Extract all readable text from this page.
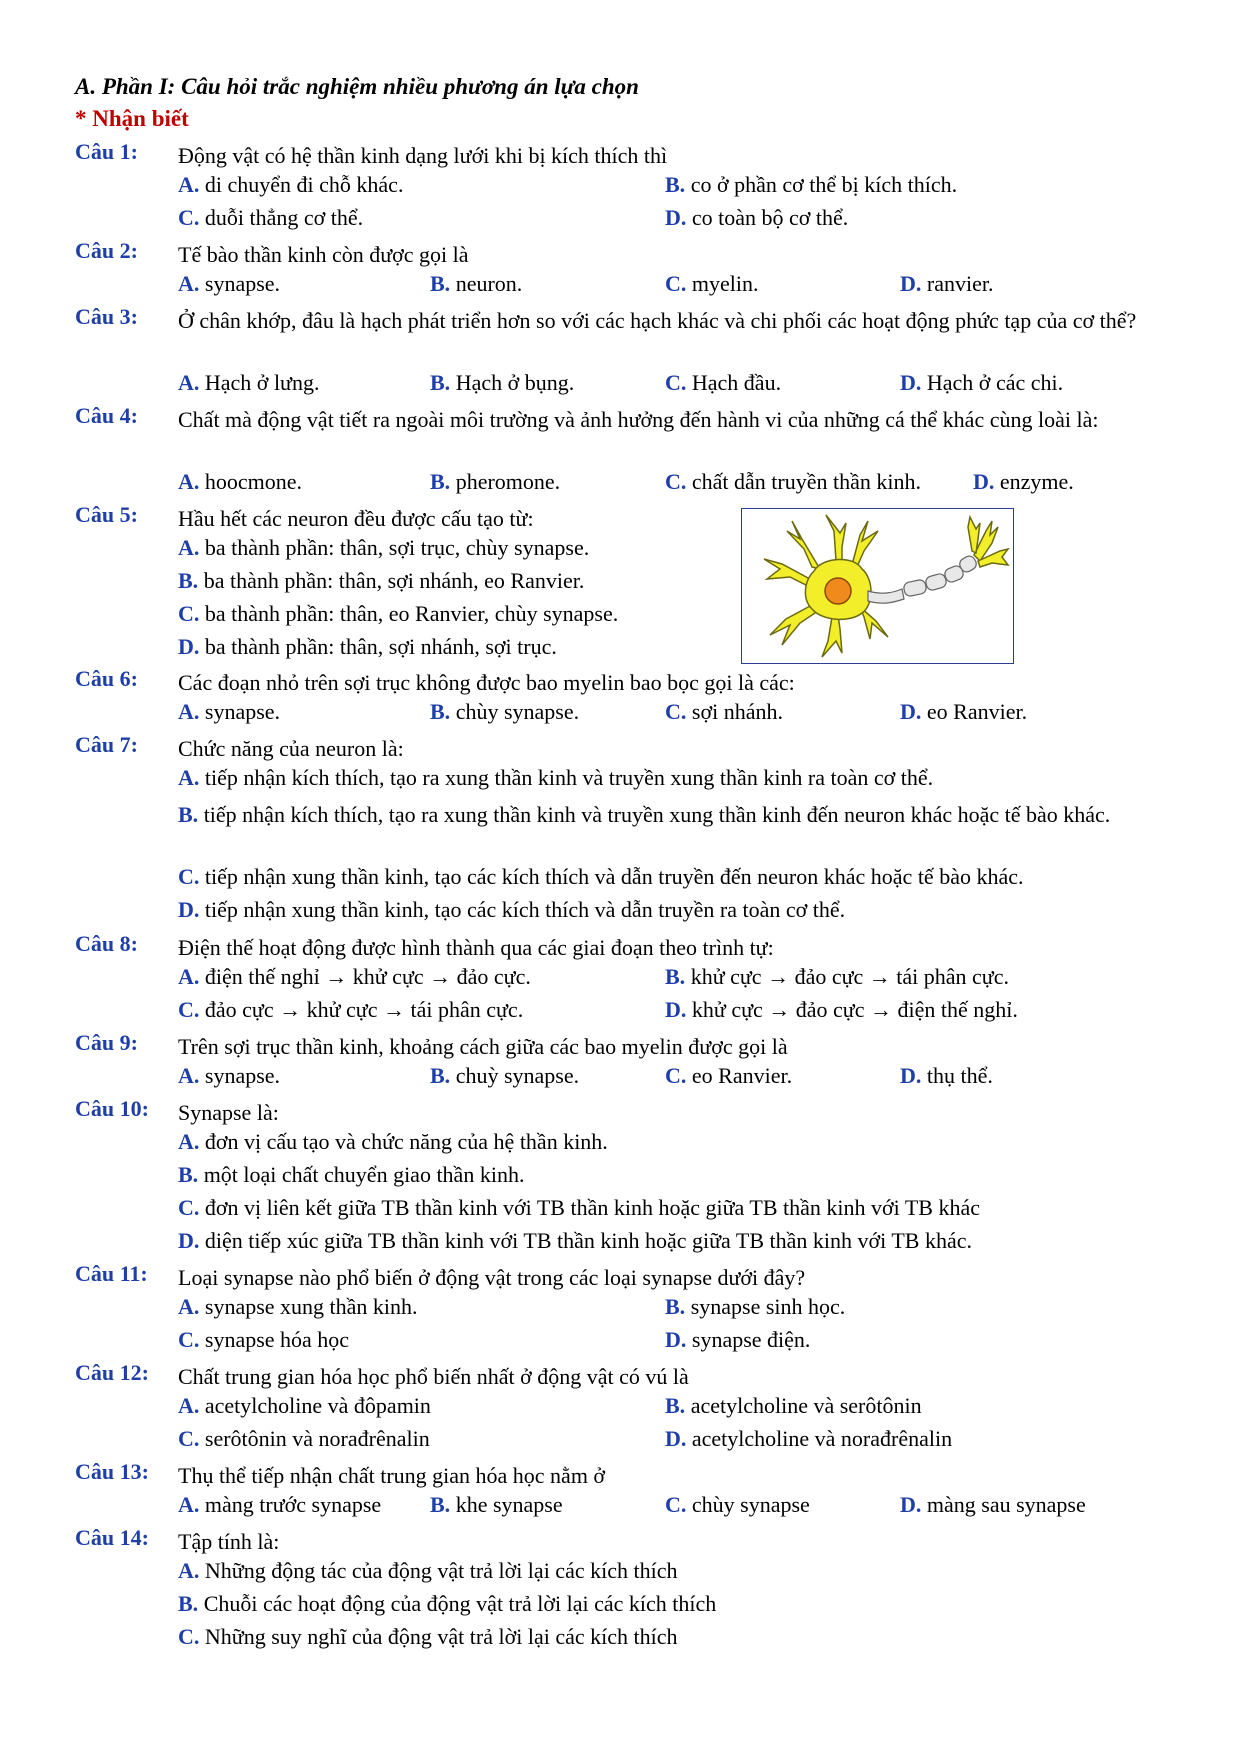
A. Phần I: Câu hỏi trắc nghiệm nhiều phương án lựa chọn
* Nhận biết
Câu 1: Động vật có hệ thần kinh dạng lưới khi bị kích thích thì
A. di chuyển đi chỗ khác.	B. co ở phần cơ thể bị kích thích.
C. duỗi thẳng cơ thể.	D. co toàn bộ cơ thể.
Câu 2: Tế bào thần kinh còn được gọi là
A. synapse.	B. neuron.	C. myelin.	D. ranvier.
Câu 3: Ở chân khớp, đâu là hạch phát triển hơn so với các hạch khác và chi phối các hoạt động phức tạp của cơ thể?
A. Hạch ở lưng.	B. Hạch ở bụng.	C. Hạch đầu.	D. Hạch ở các chi.
Câu 4: Chất mà động vật tiết ra ngoài môi trường và ảnh hưởng đến hành vi của những cá thể khác cùng loài là:
A. hoocmone.	B. pheromone.	C. chất dẫn truyền thần kinh. D. enzyme.
Câu 5: Hầu hết các neuron đều được cấu tạo từ:
A. ba thành phần: thân, sợi trục, chùy synapse.
B. ba thành phần: thân, sợi nhánh, eo Ranvier.
C. ba thành phần: thân, eo Ranvier, chùy synapse.
D. ba thành phần: thân, sợi nhánh, sợi trục.
Câu 6: Các đoạn nhỏ trên sợi trục không được bao myelin bao bọc gọi là các:
A. synapse.	B. chùy synapse.	C. sợi nhánh.	D. eo Ranvier.
Câu 7: Chức năng của neuron là:
A. tiếp nhận kích thích, tạo ra xung thần kinh và truyền xung thần kinh ra toàn cơ thể.
B. tiếp nhận kích thích, tạo ra xung thần kinh và truyền xung thần kinh đến neuron khác hoặc tế bào khác.
C. tiếp nhận xung thần kinh, tạo các kích thích và dẫn truyền đến neuron khác hoặc tế bào khác.
D. tiếp nhận xung thần kinh, tạo các kích thích và dẫn truyền ra toàn cơ thể.
Câu 8: Điện thế hoạt động được hình thành qua các giai đoạn theo trình tự:
A. điện thế nghỉ → khử cực → đảo cực.	B. khử cực → đảo cực → tái phân cực.
C. đảo cực → khử cực → tái phân cực.	D. khử cực → đảo cực → điện thế nghỉ.
Câu 9: Trên sợi trục thần kinh, khoảng cách giữa các bao myelin được gọi là
A. synapse.	B. chuỳ synapse.	C. eo Ranvier.	D. thụ thể.
Câu 10: Synapse là:
A. đơn vị cấu tạo và chức năng của hệ thần kinh.
B. một loại chất chuyển giao thần kinh.
C. đơn vị liên kết giữa TB thần kinh với TB thần kinh hoặc giữa TB thần kinh với TB khác
D. diện tiếp xúc giữa TB thần kinh với TB thần kinh hoặc giữa TB thần kinh với TB khác.
Câu 11: Loại synapse nào phổ biến ở động vật trong các loại synapse dưới đây?
A. synapse xung thần kinh.	B. synapse sinh học.
C. synapse hóa học	D. synapse điện.
Câu 12: Chất trung gian hóa học phổ biến nhất ở động vật có vú là
A. acetylcholine và đôpamin	B. acetylcholine và serôtônin
C. serôtônin và norađrênalin	D. acetylcholine và norađrênalin
Câu 13: Thụ thể tiếp nhận chất trung gian hóa học nằm ở
A. màng trước synapse B. khe synapse	C. chùy synapse	D. màng sau synapse
Câu 14: Tập tính là:
A. Những động tác của động vật trả lời lại các kích thích
B. Chuỗi các hoạt động của động vật trả lời lại các kích thích
C. Những suy nghĩ của động vật trả lời lại các kích thích
